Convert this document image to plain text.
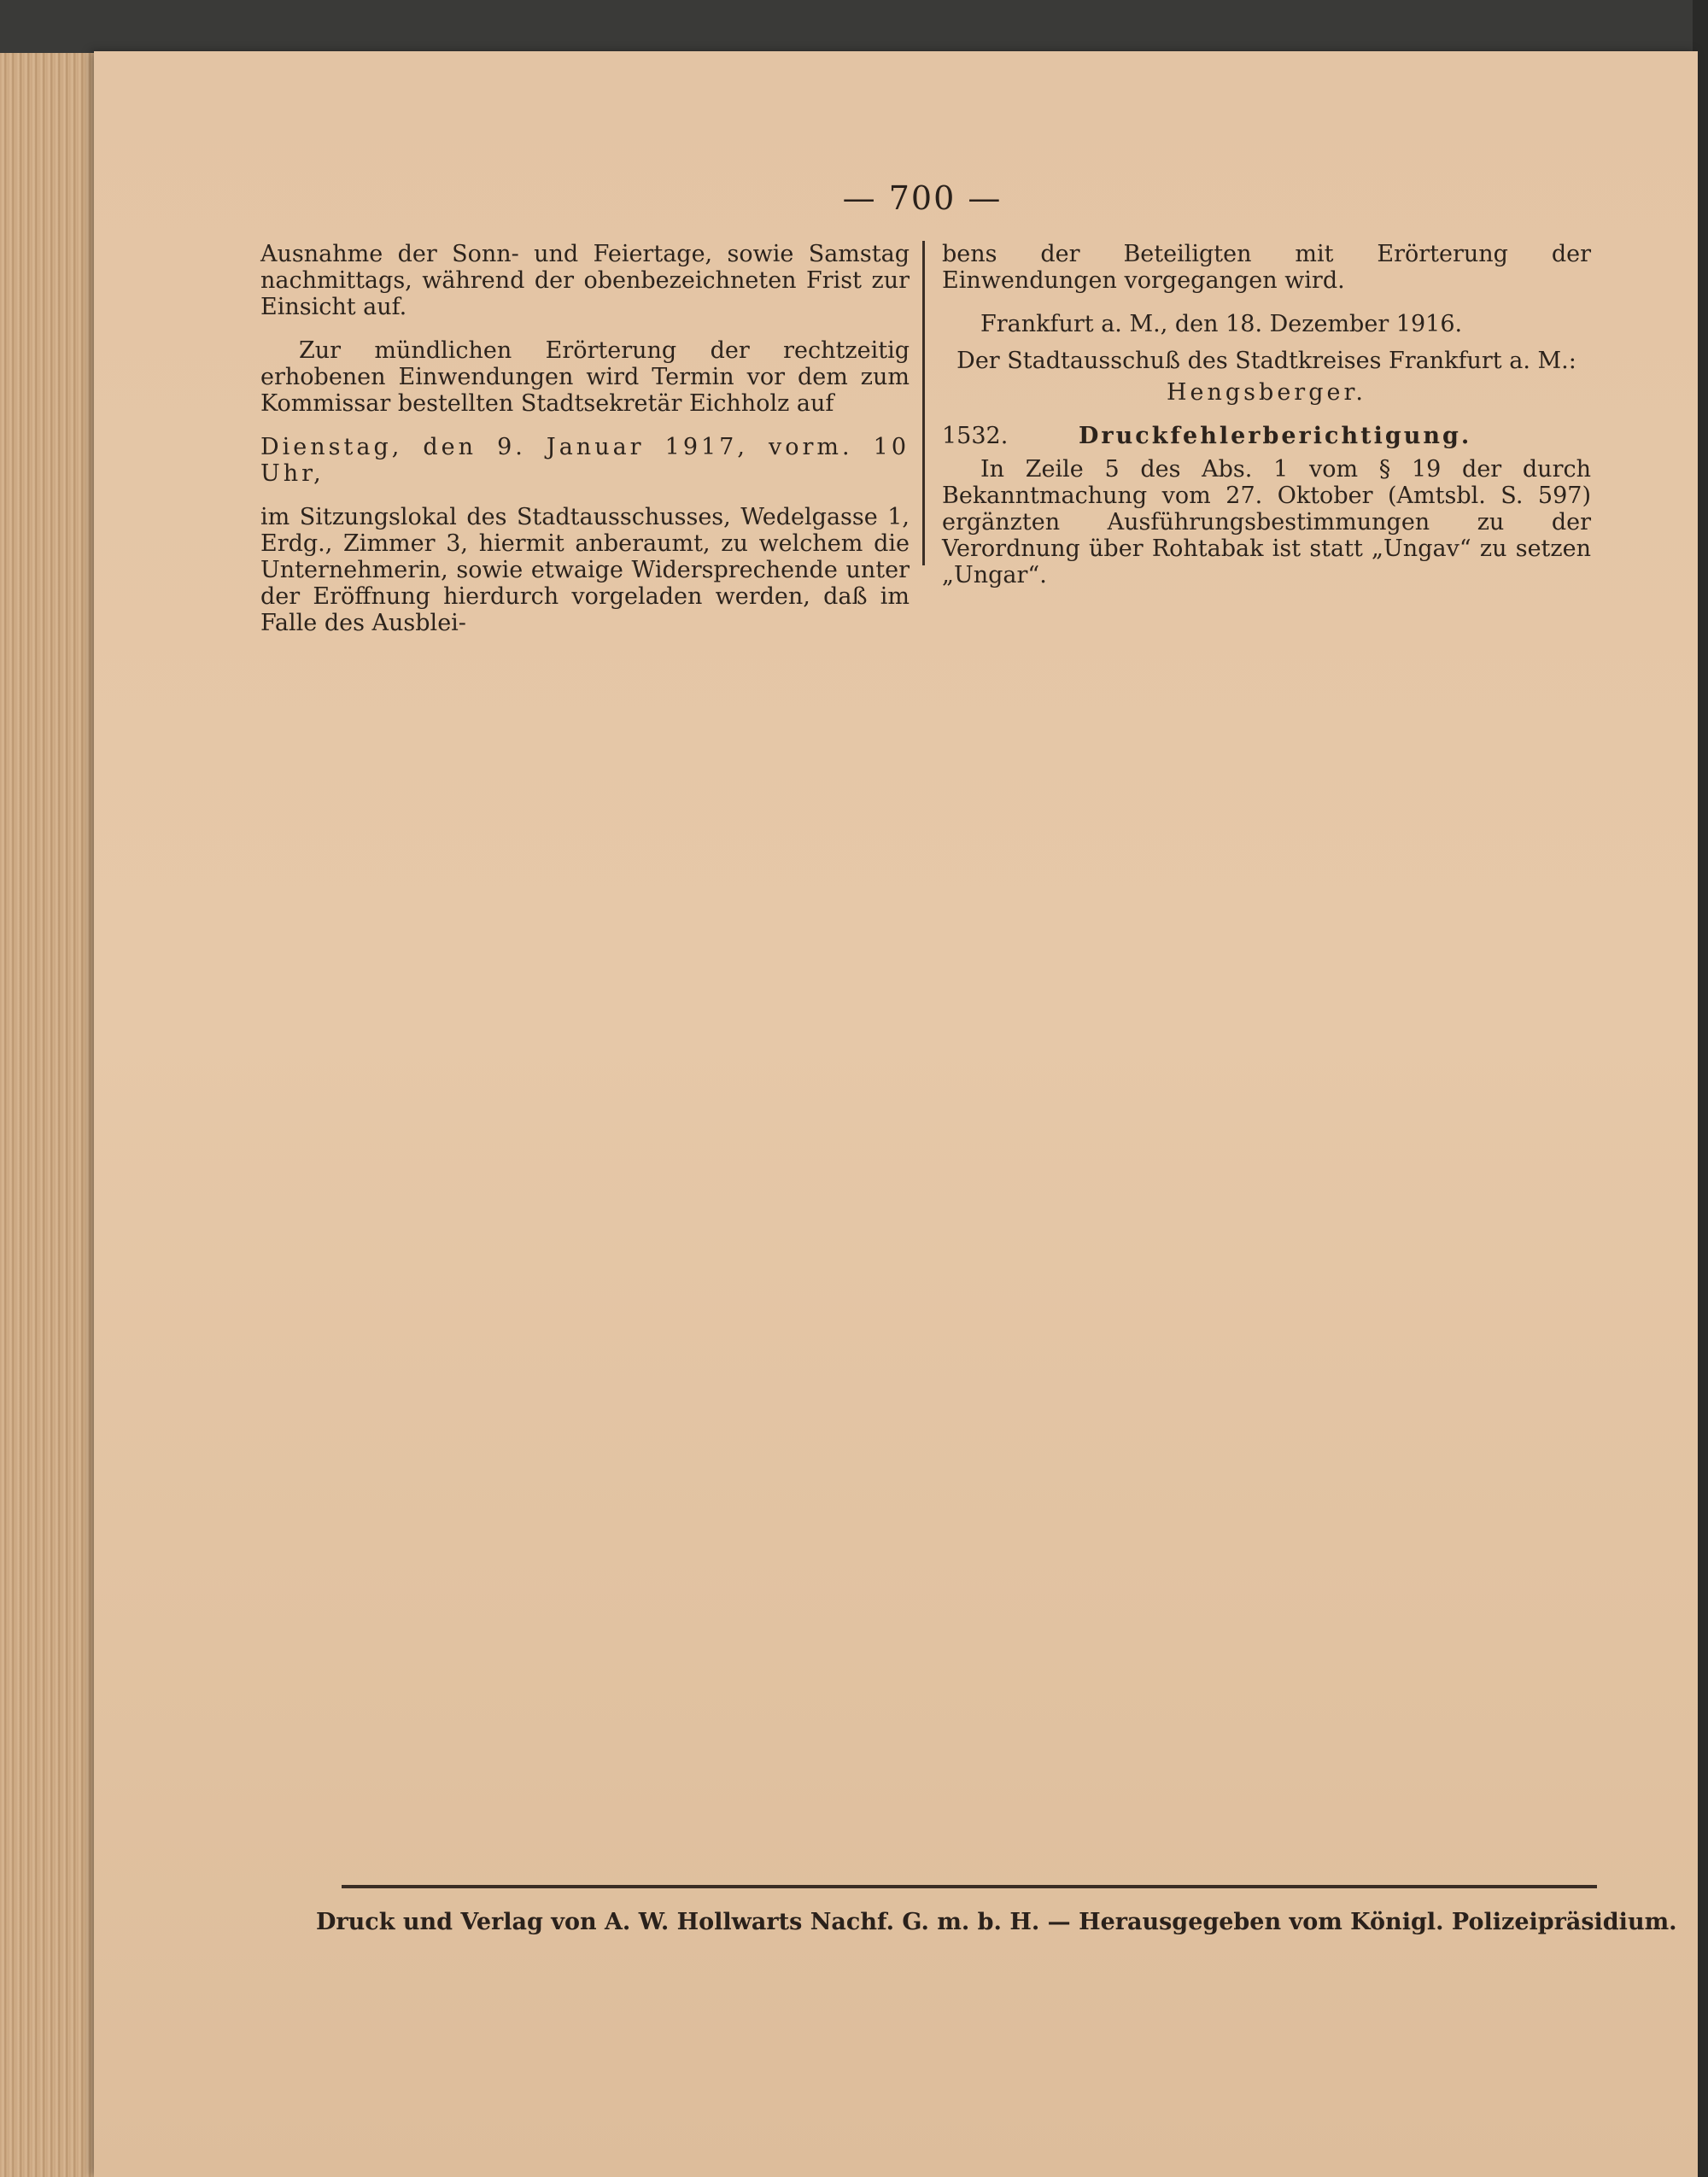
— 700 —

Ausnahme der Sonn- und Feiertage, sowie Samstag nachmittags, während der obenbezeichneten Frist zur Einsicht auf.

Zur mündlichen Erörterung der rechtzeitig erhobenen Einwendungen wird Termin vor dem zum Kommissar bestellten Stadtsekretär Eichholz auf

Dienstag, den 9. Januar 1917, vorm. 10 Uhr,

im Sitzungslokal des Stadtausschusses, Wedelgasse 1, Erdg., Zimmer 3, hiermit anberaumt, zu welchem die Unternehmerin, sowie etwaige Widersprechende unter der Eröffnung hierdurch vorgeladen werden, daß im Falle des Ausblei-

bens der Beteiligten mit Erörterung der Einwendungen vorgegangen wird.

Frankfurt a. M., den 18. Dezember 1916.

Der Stadtausschuß des Stadtkreises Frankfurt a. M.:

Hengsberger.

1532.	Druckfehlerberichtigung.

In Zeile 5 des Abs. 1 vom § 19 der durch Bekanntmachung vom 27. Oktober (Amtsbl. S. 597) ergänzten Ausführungsbestimmungen zu der Verordnung über Rohtabak ist statt „Ungav“ zu setzen „Ungar“.

Druck und Verlag von A. W. Hollwarts Nachf. G. m. b. H. — Herausgegeben vom Königl. Polizeipräsidium.
